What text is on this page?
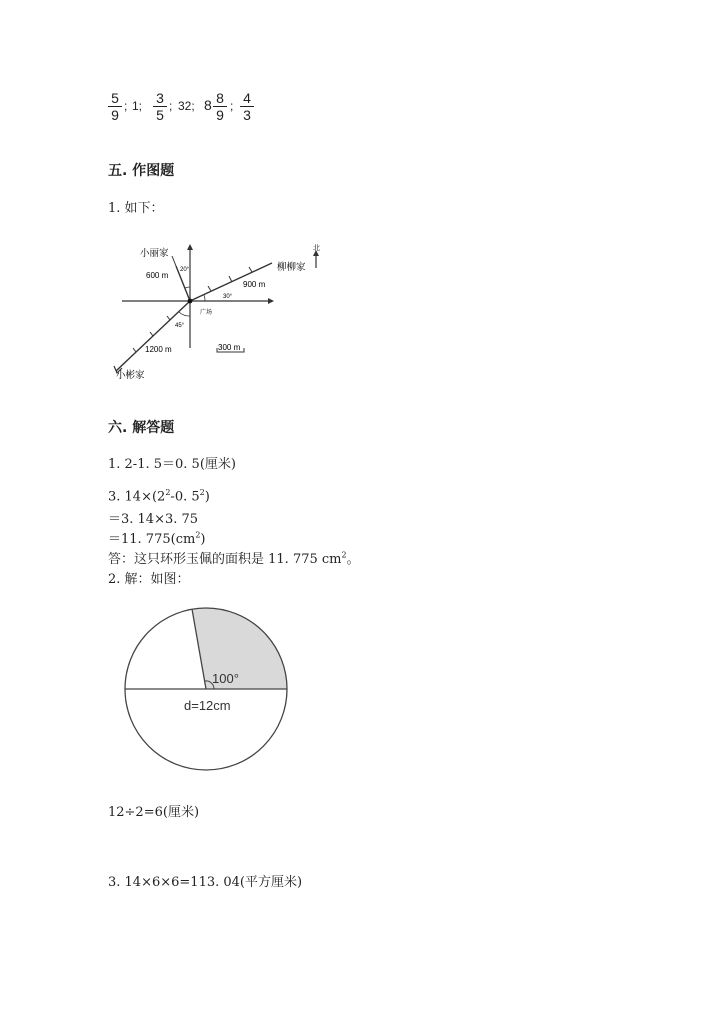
$\frac{5}{9}$ ; 1; $\frac{3}{5}$ ; 32; $8 \frac{8}{9}$ ; $\frac{4}{3}$
五. 作图题
1. 如下：
北
小丽家
600 m
20°	柳柳家
900 m
30°
45°
广场
1200 m
小彬家
300 m
六. 解答题
1. 2-1. 5＝0. 5(厘米)
3. $14\times(2^2-0$. $5^2$)
＝3. 14×3. 75
＝11. $775(cm^2)$
答：这只环形玉佩的面积是 11. 775 $cm^2$。
2. 解：如图：
100°
d=12cm
12÷2=6(厘米)
3. 14×6×6=113. 04(平方厘米)
